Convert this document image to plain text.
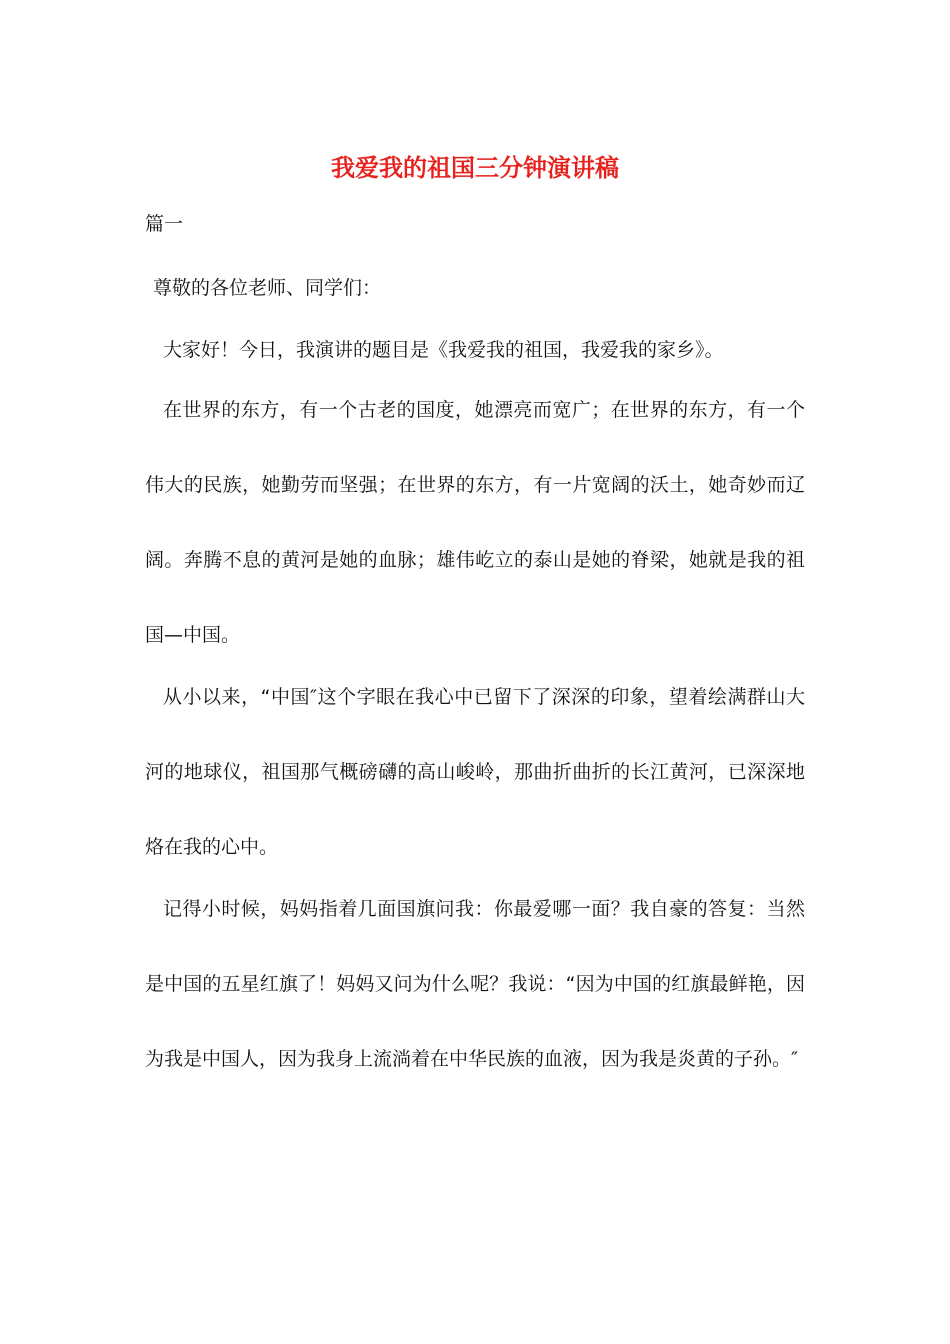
我爱我的祖国三分钟演讲稿

篇一

尊敬的各位老师、同学们：

大家好！今日，我演讲的题目是《我爱我的祖国，我爱我的家乡》。

在世界的东方，有一个古老的国度，她漂亮而宽广；在世界的东方，有一个伟大的民族，她勤劳而坚强；在世界的东方，有一片宽阔的沃土，她奇妙而辽阔。奔腾不息的黄河是她的血脉；雄伟屹立的泰山是她的脊梁，她就是我的祖国—中国。

从小以来，“中国″这个字眼在我心中已留下了深深的印象，望着绘满群山大河的地球仪，祖国那气概磅礴的高山峻岭，那曲折曲折的长江黄河，已深深地烙在我的心中。

记得小时候，妈妈指着几面国旗问我：你最爱哪一面？我自豪的答复：当然是中国的五星红旗了！妈妈又问为什么呢？我说：“因为中国的红旗最鲜艳，因为我是中国人，因为我身上流淌着在中华民族的血液，因为我是炎黄的子孙。″
